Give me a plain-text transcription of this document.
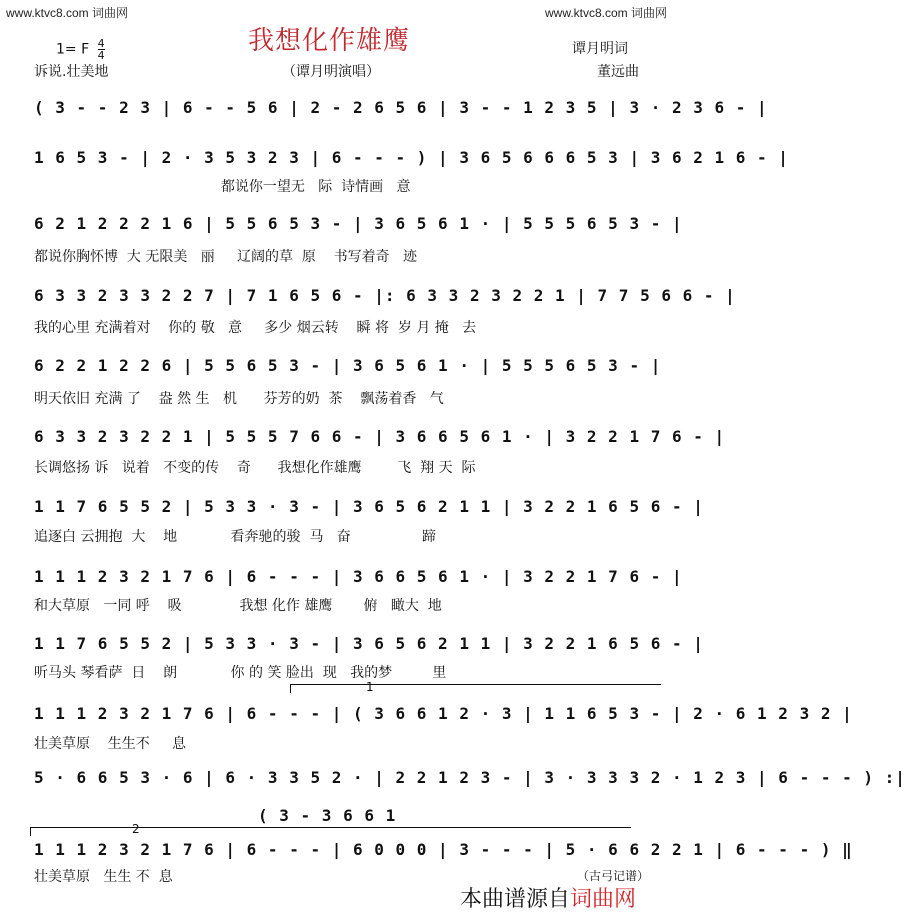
www.ktvc8.com 词曲网	www.ktvc8.com 词曲网
我想化作雄鹰
1= F $\frac{4}{4}$
诉说.壮美地	（谭月明演唱）
谭月明词
董远曲
( 3 - - 2 3 | 6 - - 5 6 | 2 - 2 6 5 6 | 3 - - 1 2 3 5 | 3 · 2 3 6 - |
1 6 5 3 - | 2 · 3 5 3 2 3 | 6 - - - ) | 3 6 5 6 6 6 5 3 | 3 6 2 1 6 - |
都说你一望无   际  诗情画   意
6 2 1 2 2 2 1 6 | 5 5 6 5 3 - | 3 6 5 6 1 · | 5 5 5 6 5 3 - |
都说你胸怀博  大 无限美   丽     辽阔的草  原    书写着奇   迹
6 3 3 2 3 3 2 2 7 | 7 1 6 5 6 - |: 6 3 3 2 3 2 2 1 | 7 7 5 6 6 - |
我的心里 充满着对    你的 敬   意     多少 烟云转    瞬 将  岁 月 掩   去
6 2 2 1 2 2 6 | 5 5 6 5 3 - | 3 6 5 6 1 · | 5 5 5 6 5 3 - |
明天依旧 充满 了    盎 然 生   机      芬芳的奶  茶    飘荡着香   气
6 3 3 2 3 2 2 1 | 5 5 5 7 6 6 - | 3 6 6 5 6 1 · | 3 2 2 1 7 6 - |
长调悠扬 诉   说着   不变的传    奇      我想化作雄鹰        飞  翔 天  际
1 1 7 6 5 5 2 | 5 3 3 · 3 - | 3 6 5 6 2 1 1 | 3 2 2 1 6 5 6 - |
追逐白 云拥抱  大    地            看奔驰的骏  马   奋                蹄
1 1 1 2 3 2 1 7 6 | 6 - - - | 3 6 6 5 6 1 · | 3 2 2 1 7 6 - |
和大草原   一同 呼    吸             我想 化作 雄鹰       俯   瞰大  地
1 1 7 6 5 5 2 | 5 3 3 · 3 - | 3 6 5 6 2 1 1 | 3 2 2 1 6 5 6 - |
听马头 琴看萨  日    朗            你 的 笑 脸出  现   我的梦         里
1
1 1 1 2 3 2 1 7 6 | 6 - - - | ( 3 6 6 1 2 · 3 | 1 1 6 5 3 - | 2 · 6 1 2 3 2 |
壮美草原    生生不     息
5 · 6 6 5 3 · 6 | 6 · 3 3 5 2 · | 2 2 1 2 3 - | 3 · 3 3 3 2 · 1 2 3 | 6 - - - ) :|
( 3 - 3 6 6 1
2
1 1 1 2 3 2 1 7 6 | 6 - - - | 6 0 0 0 | 3 - - - | 5 · 6 6 2 2 1 | 6 - - - ) ‖
壮美草原   生生 不  息	（古弓记谱）
本曲谱源自词曲网
